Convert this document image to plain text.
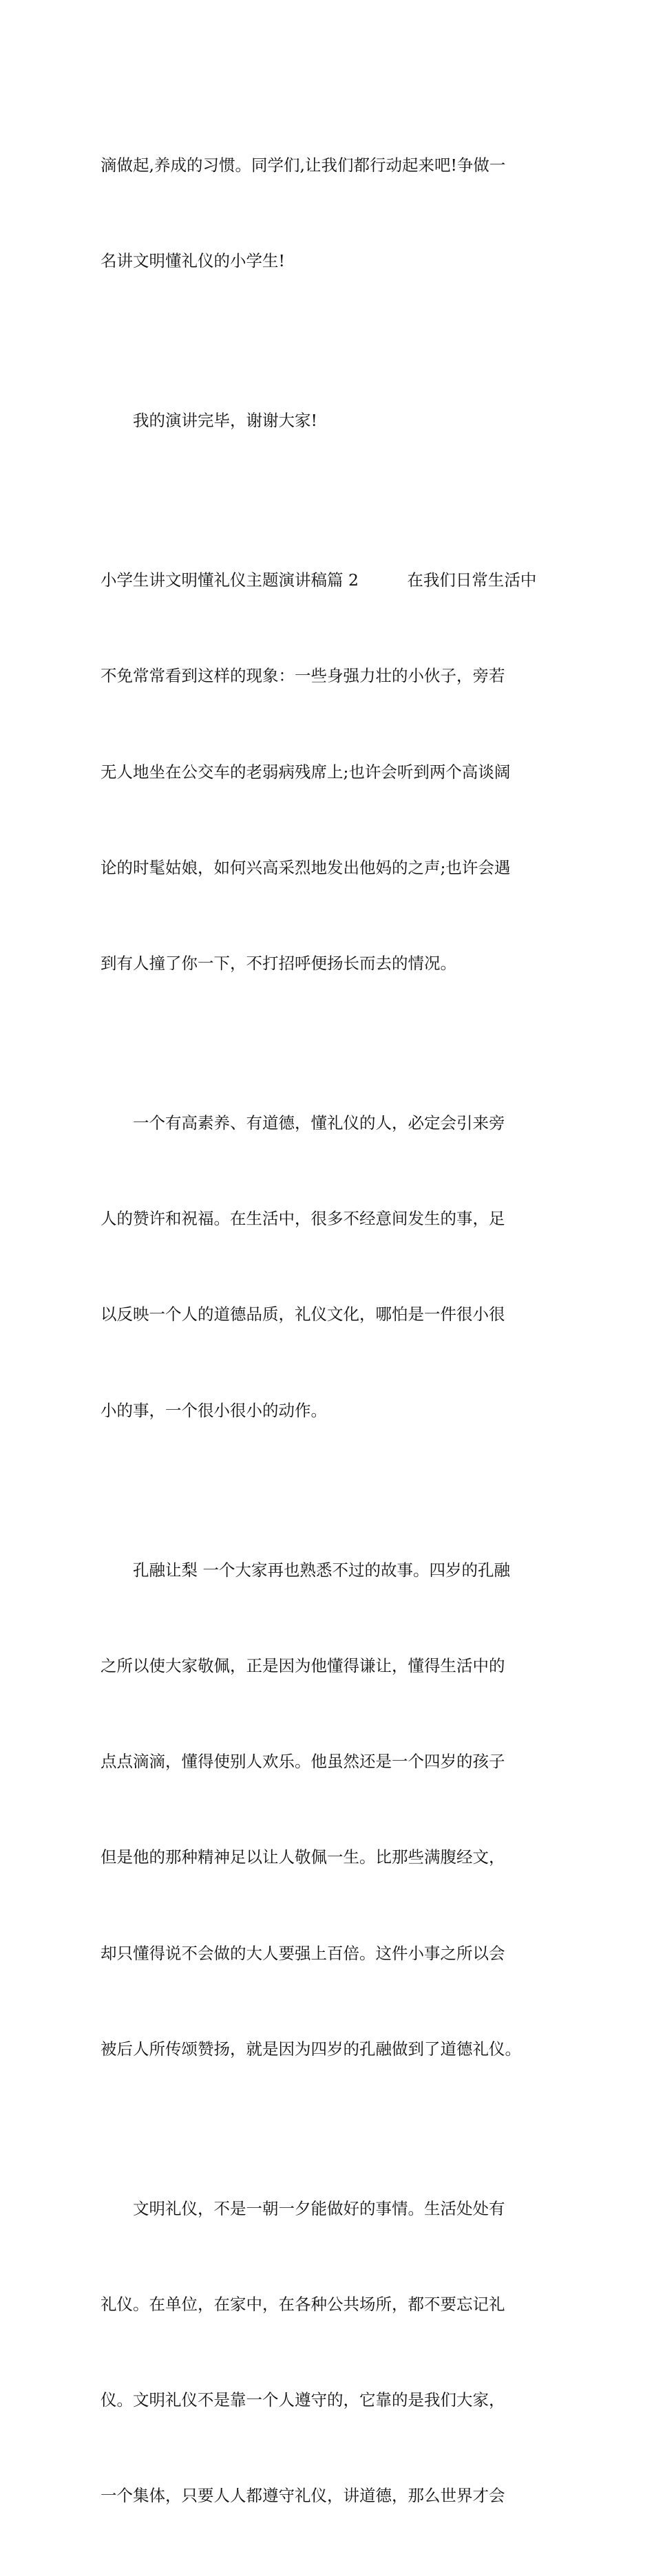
滴做起,养成的习惯。同学们,让我们都行动起来吧!争做一

名讲文明懂礼仪的小学生!

我的演讲完毕，谢谢大家!

小学生讲文明懂礼仪主题演讲稿篇 2　　　在我们日常生活中

不免常常看到这样的现象：一些身强力壮的小伙子，旁若

无人地坐在公交车的老弱病残席上;也许会听到两个高谈阔

论的时髦姑娘，如何兴高采烈地发出他妈的之声;也许会遇

到有人撞了你一下，不打招呼便扬长而去的情况。

一个有高素养、有道德，懂礼仪的人，必定会引来旁

人的赞许和祝福。在生活中，很多不经意间发生的事，足

以反映一个人的道德品质，礼仪文化，哪怕是一件很小很

小的事，一个很小很小的动作。

孔融让梨 一个大家再也熟悉不过的故事。四岁的孔融

之所以使大家敬佩，正是因为他懂得谦让，懂得生活中的

点点滴滴，懂得使别人欢乐。他虽然还是一个四岁的孩子

但是他的那种精神足以让人敬佩一生。比那些满腹经文，

却只懂得说不会做的大人要强上百倍。这件小事之所以会

被后人所传颂赞扬，就是因为四岁的孔融做到了道德礼仪。

文明礼仪，不是一朝一夕能做好的事情。生活处处有

礼仪。在单位，在家中，在各种公共场所，都不要忘记礼

仪。文明礼仪不是靠一个人遵守的，它靠的是我们大家，

一个集体，只要人人都遵守礼仪，讲道德，那么世界才会
